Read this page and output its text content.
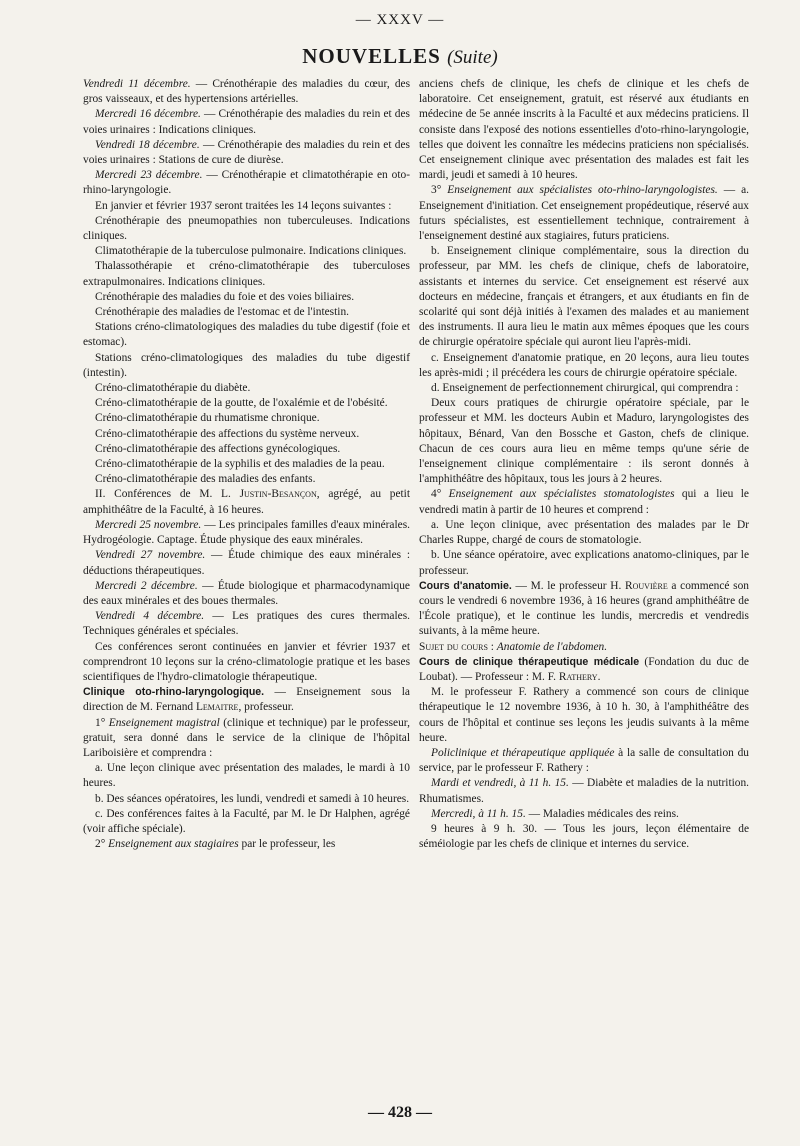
— XXXV —
NOUVELLES (Suite)

Vendredi 11 décembre. — Crénothérapie des maladies du cœur, des gros vaisseaux, et des hypertensions artérielles.

Mercredi 16 décembre. — Crénothérapie des maladies du rein et des voies urinaires : Indications cliniques.

Vendredi 18 décembre. — Crénothérapie des maladies du rein et des voies urinaires : Stations de cure de diurèse.

Mercredi 23 décembre. — Crénothérapie et climatothérapie en oto-rhino-laryngologie.

En janvier et février 1937 seront traitées les 14 leçons suivantes :

Crénothérapie des pneumopathies non tuberculeuses. Indications cliniques.

Climatothérapie de la tuberculose pulmonaire. Indications cliniques.

Thalassothérapie et créno-climatothérapie des tuberculoses extrapulmonaires. Indications cliniques.

Crénothérapie des maladies du foie et des voies biliaires.

Crénothérapie des maladies de l'estomac et de l'intestin.

Stations créno-climatologiques des maladies du tube digestif (foie et estomac).

Stations créno-climatologiques des maladies du tube digestif (intestin).

Créno-climatothérapie du diabète.

Créno-climatothérapie de la goutte, de l'oxalémie et de l'obésité.

Créno-climatothérapie du rhumatisme chronique.

Créno-climatothérapie des affections du système nerveux.

Créno-climatothérapie des affections gynécologiques.

Créno-climatothérapie de la syphilis et des maladies de la peau.

Créno-climatothérapie des maladies des enfants.

II. Conférences de M. L. Justin-Besançon, agrégé, au petit amphithéâtre de la Faculté, à 16 heures.

Mercredi 25 novembre. — Les principales familles d'eaux minérales. Hydrogéologie. Captage. Étude physique des eaux minérales.

Vendredi 27 novembre. — Étude chimique des eaux minérales : déductions thérapeutiques.

Mercredi 2 décembre. — Étude biologique et pharmacodynamique des eaux minérales et des boues thermales.

Vendredi 4 décembre. — Les pratiques des cures thermales. Techniques générales et spéciales.

Ces conférences seront continuées en janvier et février 1937 et comprendront 10 leçons sur la créno-climatologie pratique et les bases scientifiques de l'hydro-climatologie thérapeutique.

Clinique oto-rhino-laryngologique. — Enseignement sous la direction de M. Fernand Lemaitre, professeur.

1° Enseignement magistral (clinique et technique) par le professeur, gratuit, sera donné dans le service de la clinique de l'hôpital Lariboisière et comprendra :

a. Une leçon clinique avec présentation des malades, le mardi à 10 heures.

b. Des séances opératoires, les lundi, vendredi et samedi à 10 heures.

c. Des conférences faites à la Faculté, par M. le Dr Halphen, agrégé (voir affiche spéciale).

2° Enseignement aux stagiaires par le professeur, les

anciens chefs de clinique, les chefs de clinique et les chefs de laboratoire. Cet enseignement, gratuit, est réservé aux étudiants en médecine de 5e année inscrits à la Faculté et aux médecins praticiens. Il consiste dans l'exposé des notions essentielles d'oto-rhino-laryngologie, telles que doivent les connaître les médecins praticiens non spécialisés. Cet enseignement clinique avec présentation des malades est fait les mardi, jeudi et samedi à 10 heures.

3° Enseignement aux spécialistes oto-rhino-laryngologistes. — a. Enseignement d'initiation. Cet enseignement propédeutique, réservé aux futurs spécialistes, est essentiellement technique, contrairement à l'enseignement destiné aux stagiaires, futurs praticiens.

b. Enseignement clinique complémentaire, sous la direction du professeur, par MM. les chefs de clinique, chefs de laboratoire, assistants et internes du service. Cet enseignement est réservé aux docteurs en médecine, français et étrangers, et aux étudiants en fin de scolarité qui sont déjà initiés à l'examen des malades et au maniement des instruments. Il aura lieu le matin aux mêmes époques que les cours de chirurgie opératoire spéciale qui auront lieu l'après-midi.

c. Enseignement d'anatomie pratique, en 20 leçons, aura lieu toutes les après-midi ; il précédera les cours de chirurgie opératoire spéciale.

d. Enseignement de perfectionnement chirurgical, qui comprendra :

Deux cours pratiques de chirurgie opératoire spéciale, par le professeur et MM. les docteurs Aubin et Maduro, laryngologistes des hôpitaux, Bénard, Van den Bossche et Gaston, chefs de clinique. Chacun de ces cours aura lieu en même temps qu'une série de l'enseignement clinique complémentaire : ils seront donnés à l'amphithéâtre des hôpitaux, tous les jours à 2 heures.

4° Enseignement aux spécialistes stomatologistes qui a lieu le vendredi matin à partir de 10 heures et comprend :

a. Une leçon clinique, avec présentation des malades par le Dr Charles Ruppe, chargé de cours de stomatologie.

b. Une séance opératoire, avec explications anatomo-cliniques, par le professeur.

Cours d'anatomie. — M. le professeur H. Rouvière a commencé son cours le vendredi 6 novembre 1936, à 16 heures (grand amphithéâtre de l'École pratique), et le continue les lundis, mercredis et vendredis suivants, à la même heure.

Sujet du cours : Anatomie de l'abdomen.

Cours de clinique thérapeutique médicale (Fondation du duc de Loubat). — Professeur : M. F. Rathery.

M. le professeur F. Rathery a commencé son cours de clinique thérapeutique le 12 novembre 1936, à 10 h. 30, à l'amphithéâtre des cours de l'hôpital et continue ses leçons les jeudis suivants à la même heure.

Policlinique et thérapeutique appliquée à la salle de consultation du service, par le professeur F. Rathery :

Mardi et vendredi, à 11 h. 15. — Diabète et maladies de la nutrition. Rhumatismes.

Mercredi, à 11 h. 15. — Maladies médicales des reins.

9 heures à 9 h. 30. — Tous les jours, leçon élémentaire de séméiologie par les chefs de clinique et internes du service.

— 428 —
